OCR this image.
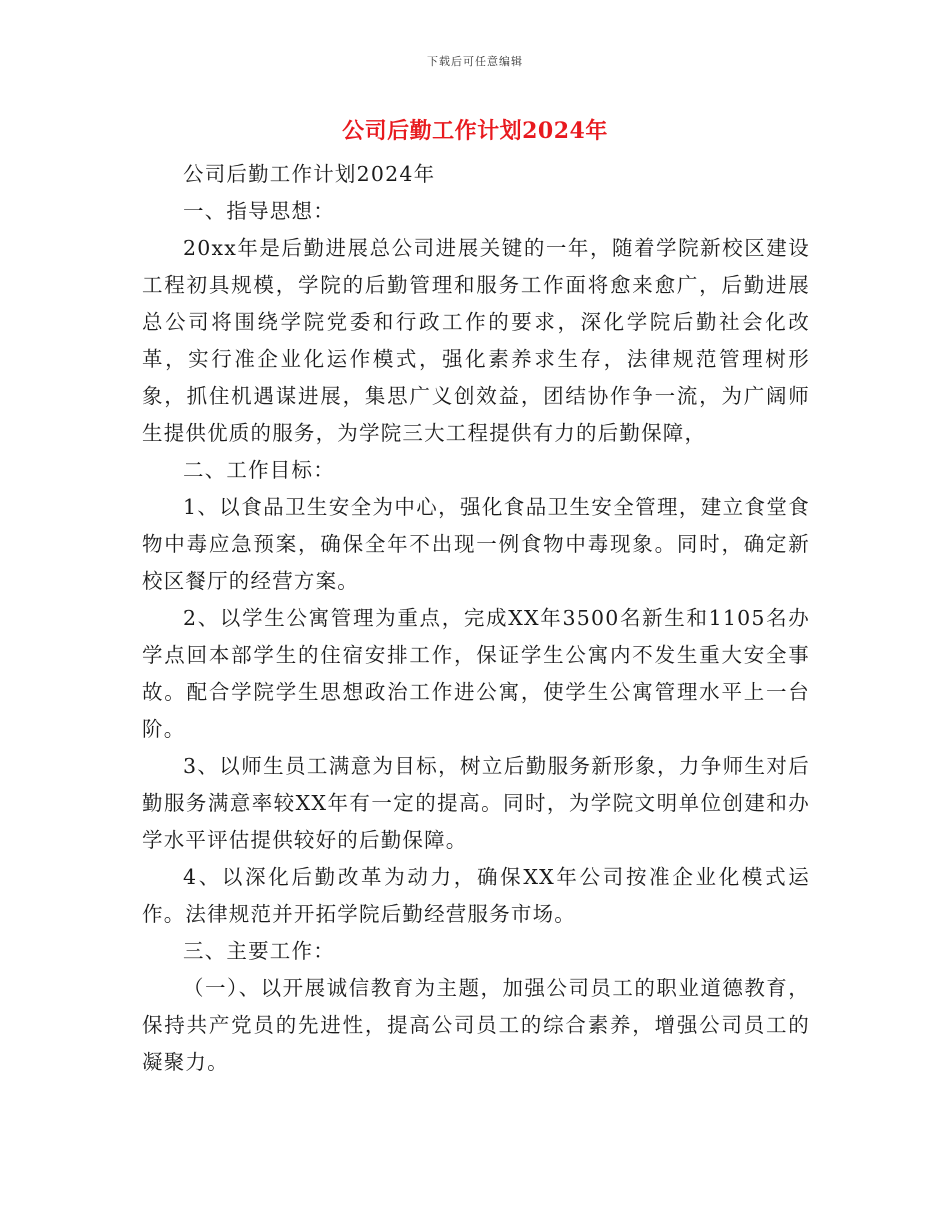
下载后可任意编辑
公司后勤工作计划2024年

公司后勤工作计划2024年

一、指导思想：

20xx年是后勤进展总公司进展关键的一年，随着学院新校区建设工程初具规模，学院的后勤管理和服务工作面将愈来愈广，后勤进展总公司将围绕学院党委和行政工作的要求，深化学院后勤社会化改革，实行准企业化运作模式，强化素养求生存，法律规范管理树形象，抓住机遇谋进展，集思广义创效益，团结协作争一流，为广阔师生提供优质的服务，为学院三大工程提供有力的后勤保障，

二、工作目标：

1、以食品卫生安全为中心，强化食品卫生安全管理，建立食堂食物中毒应急预案，确保全年不出现一例食物中毒现象。同时，确定新校区餐厅的经营方案。

2、以学生公寓管理为重点，完成XX年3500名新生和1105名办学点回本部学生的住宿安排工作，保证学生公寓内不发生重大安全事故。配合学院学生思想政治工作进公寓，使学生公寓管理水平上一台阶。

3、以师生员工满意为目标，树立后勤服务新形象，力争师生对后勤服务满意率较XX年有一定的提高。同时，为学院文明单位创建和办学水平评估提供较好的后勤保障。

4、以深化后勤改革为动力，确保XX年公司按准企业化模式运作。法律规范并开拓学院后勤经营服务市场。

三、主要工作：

（一）、以开展诚信教育为主题，加强公司员工的职业道德教育，保持共产党员的先进性，提高公司员工的综合素养，增强公司员工的凝聚力。
